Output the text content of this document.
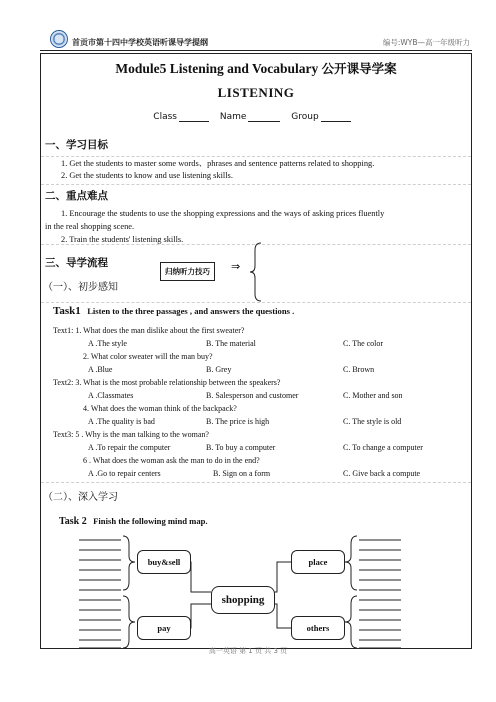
首贡市第十四中学校英语听课导学提纲	编号:WYB—高一年级听力
Module5 Listening and Vocabulary 公开课导学案
LISTENING
Class	Name	Group
一、学习目标
1. Get the students to master some words、phrases and sentence patterns related to shopping.
2. Get the students to know and use listening skills.
二、重点难点
1. Encourage the students to use the shopping expressions and the ways of asking prices fluently
in the real shopping scene.
2. Train the students' listening skills.
三、导学流程
归纳听力技巧	⇒
（一）、初步感知
Task1 Listen to the three passages , and answers the questions .
Text1: 1. What does the man dislike about the first sweater?
A .The style	B. The material	C. The color
2. What color sweater will the man buy?
A .Blue	B. Grey	C. Brown
Text2: 3. What is the most probable relationship between the speakers?
A .Classmates	B. Salesperson and customer	C. Mother and son
4. What does the woman think of the backpack?
A .The quality is bad	B. The price is high	C. The style is old
Text3: 5 . Why is the man talking to the woman?
A .To repair the computer	B. To buy a computer	C. To change a computer
6 . What does the woman ask the man to do in the end?
A .Go to repair centers	B. Sign on a form	C. Give back a compute
（二）、深入学习
Task 2 Finish the following mind map.
buy&sell	place
pay	others
shopping
高一英语 第 1 页 共 3 页
